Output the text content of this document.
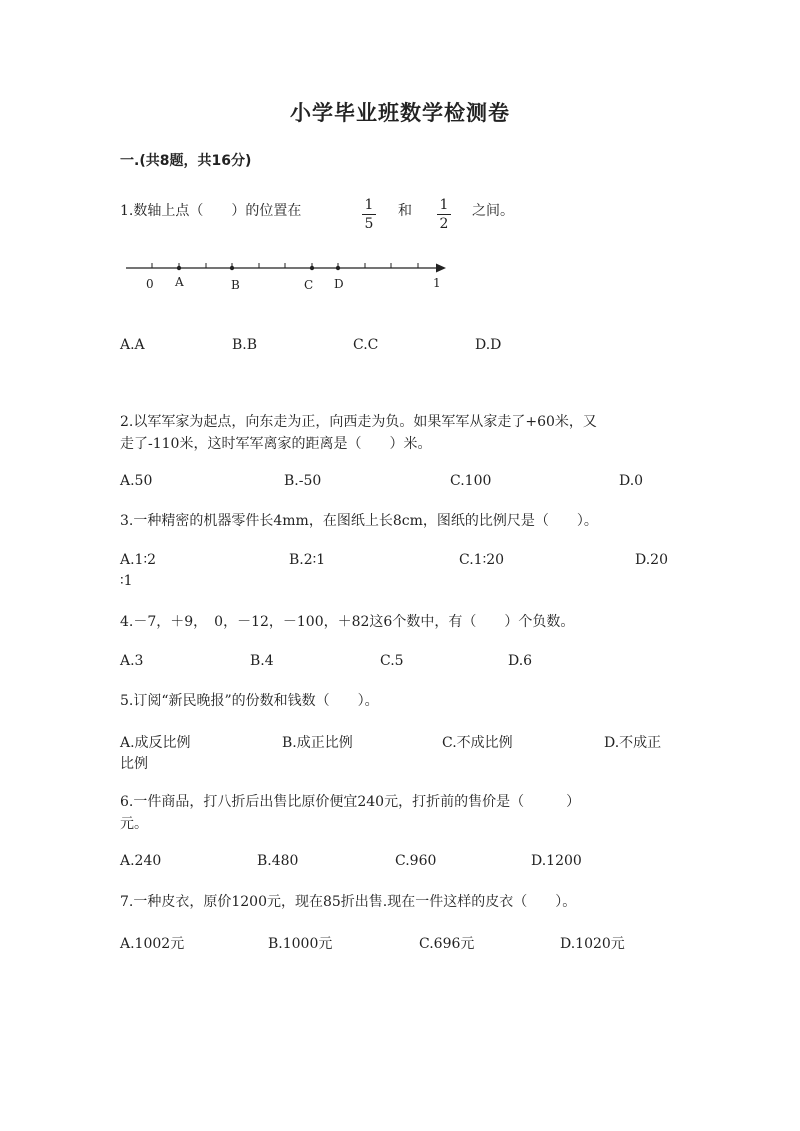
小学毕业班数学检测卷
一.(共8题，共16分)
1.数轴上点（　　）的位置在	1
5
和 1
2
之间。
0 A	B	C D	1
A.A	B.B	C.C	D.D
2.以军军家为起点，向东走为正，向西走为负。如果军军从家走了+60米，又
走了-110米，这时军军离家的距离是（　　）米。
A.50	B.-50	C.100	D.0
3.一种精密的机器零件长4mm，在图纸上长8cm，图纸的比例尺是（　　）。
A.1∶2	B.2∶1	C.1∶20	D.20
∶1
4.－7，＋9，　0，－12，－100，＋82这6个数中，有（　　）个负数。
A.3	B.4	C.5	D.6
5.订阅“新民晚报”的份数和钱数（　　）。
A.成反比例	B.成正比例	C.不成比例	D.不成正
比例
6.一件商品，打八折后出售比原价便宜240元，打折前的售价是（　　　）
元。
A.240	B.480	C.960	D.1200
7.一种皮衣，原价1200元，现在85折出售.现在一件这样的皮衣（　　）。
A.1002元	B.1000元	C.696元	D.1020元
